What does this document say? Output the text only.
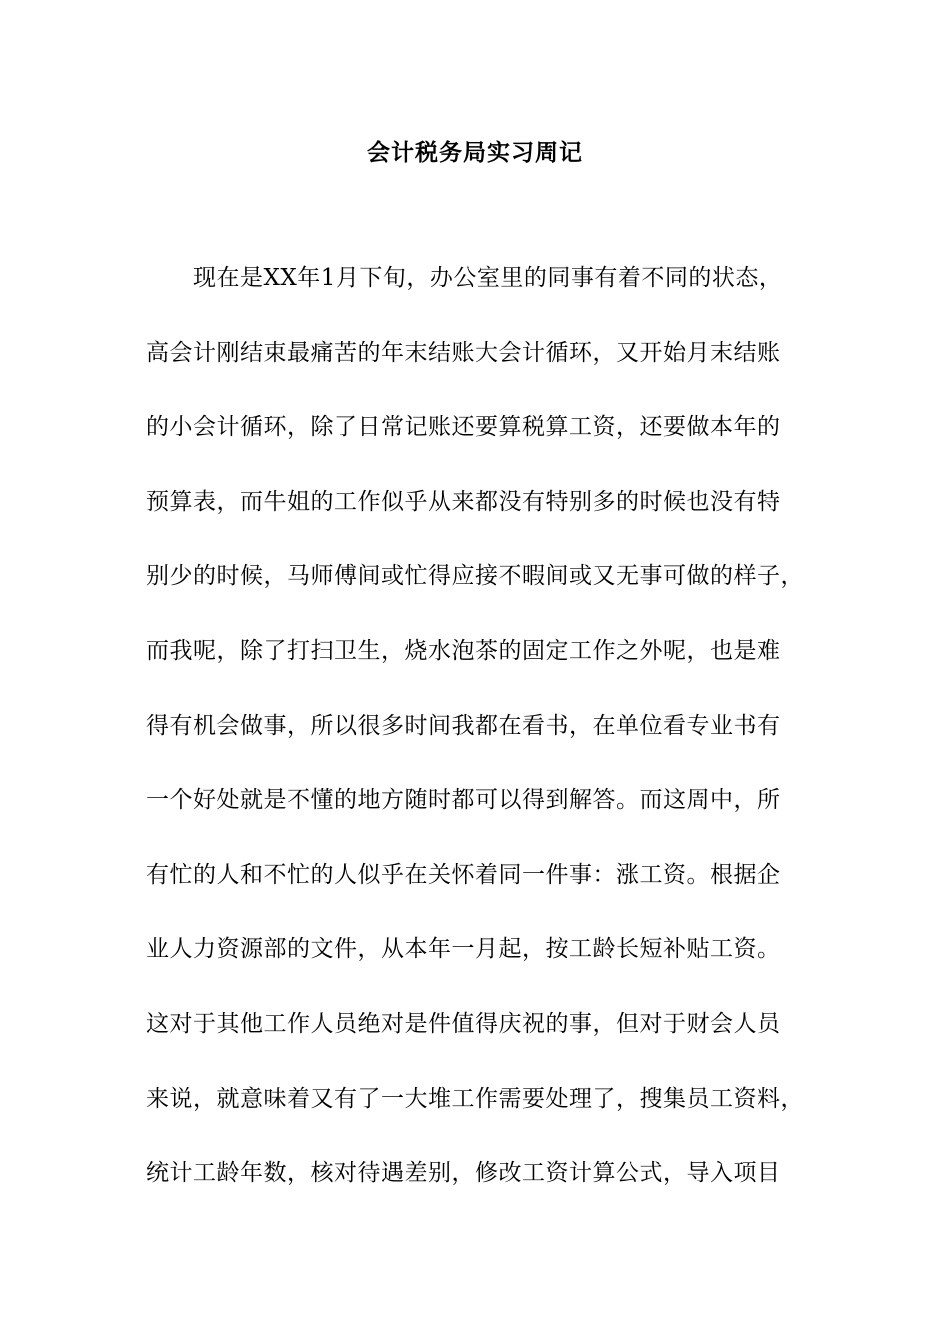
会计税务局实习周记
现在是XX年1月下旬，办公室里的同事有着不同的状态，
高会计刚结束最痛苦的年末结账大会计循环，又开始月末结账
的小会计循环，除了日常记账还要算税算工资，还要做本年的
预算表，而牛姐的工作似乎从来都没有特别多的时候也没有特
别少的时候，马师傅间或忙得应接不暇间或又无事可做的样子，
而我呢，除了打扫卫生，烧水泡茶的固定工作之外呢，也是难
得有机会做事，所以很多时间我都在看书，在单位看专业书有
一个好处就是不懂的地方随时都可以得到解答。而这周中，所
有忙的人和不忙的人似乎在关怀着同一件事：涨工资。根据企
业人力资源部的文件，从本年一月起，按工龄长短补贴工资。
这对于其他工作人员绝对是件值得庆祝的事，但对于财会人员
来说，就意味着又有了一大堆工作需要处理了，搜集员工资料，
统计工龄年数，核对待遇差别，修改工资计算公式，导入项目
